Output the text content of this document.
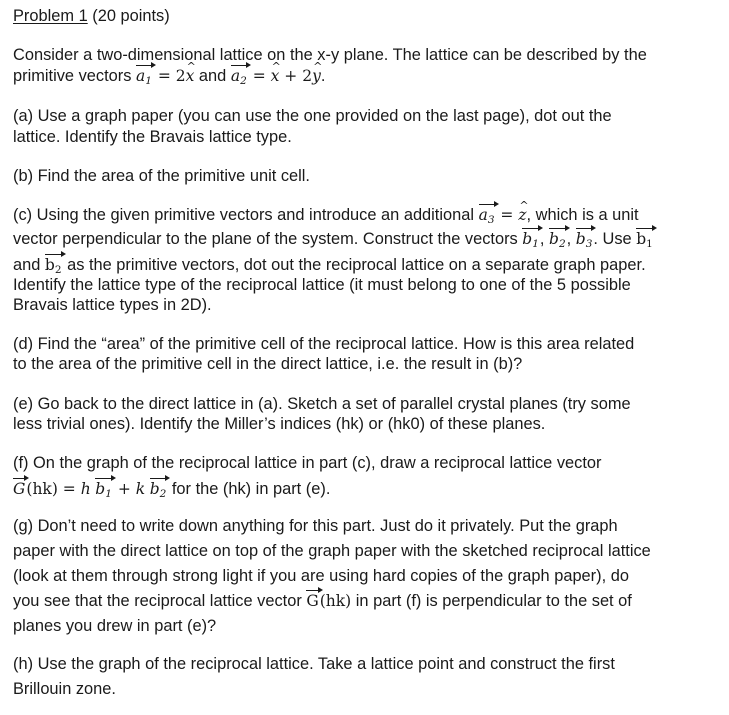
Problem 1 (20 points)

Consider a two-dimensional lattice on the x-y plane. The lattice can be described by the

primitive vectors $a_1$ = 2^ x and $a_2$ = ^ x + 2^ y.

(a) Use a graph paper (you can use the one provided on the last page), dot out the

lattice. Identify the Bravais lattice type.

(b) Find the area of the primitive unit cell.

(c) Using the given primitive vectors and introduce an additional $a_3$ = ^ z, which is a unit

vector perpendicular to the plane of the system. Construct the vectors $b_1$, $b_2$, $b_3$. Use $b_1$

and $b_2$ as the primitive vectors, dot out the reciprocal lattice on a separate graph paper.

Identify the lattice type of the reciprocal lattice (it must belong to one of the 5 possible

Bravais lattice types in 2D).

(d) Find the “area” of the primitive cell of the reciprocal lattice. How is this area related

to the area of the primitive cell in the direct lattice, i.e. the result in (b)?

(e) Go back to the direct lattice in (a). Sketch a set of parallel crystal planes (try some

less trivial ones). Identify the Miller’s indices (hk) or (hk0) of these planes.

(f) On the graph of the reciprocal lattice in part (c), draw a reciprocal lattice vector

G(hk) = h $b_1 + k$ $b_2$ for the (hk) in part (e).

(g) Don’t need to write down anything for this part. Just do it privately. Put the graph

paper with the direct lattice on top of the graph paper with the sketched reciprocal lattice

(look at them through strong light if you are using hard copies of the graph paper), do

you see that the reciprocal lattice vector G(hk) in part (f) is perpendicular to the set of

planes you drew in part (e)?

(h) Use the graph of the reciprocal lattice. Take a lattice point and construct the first

Brillouin zone.
